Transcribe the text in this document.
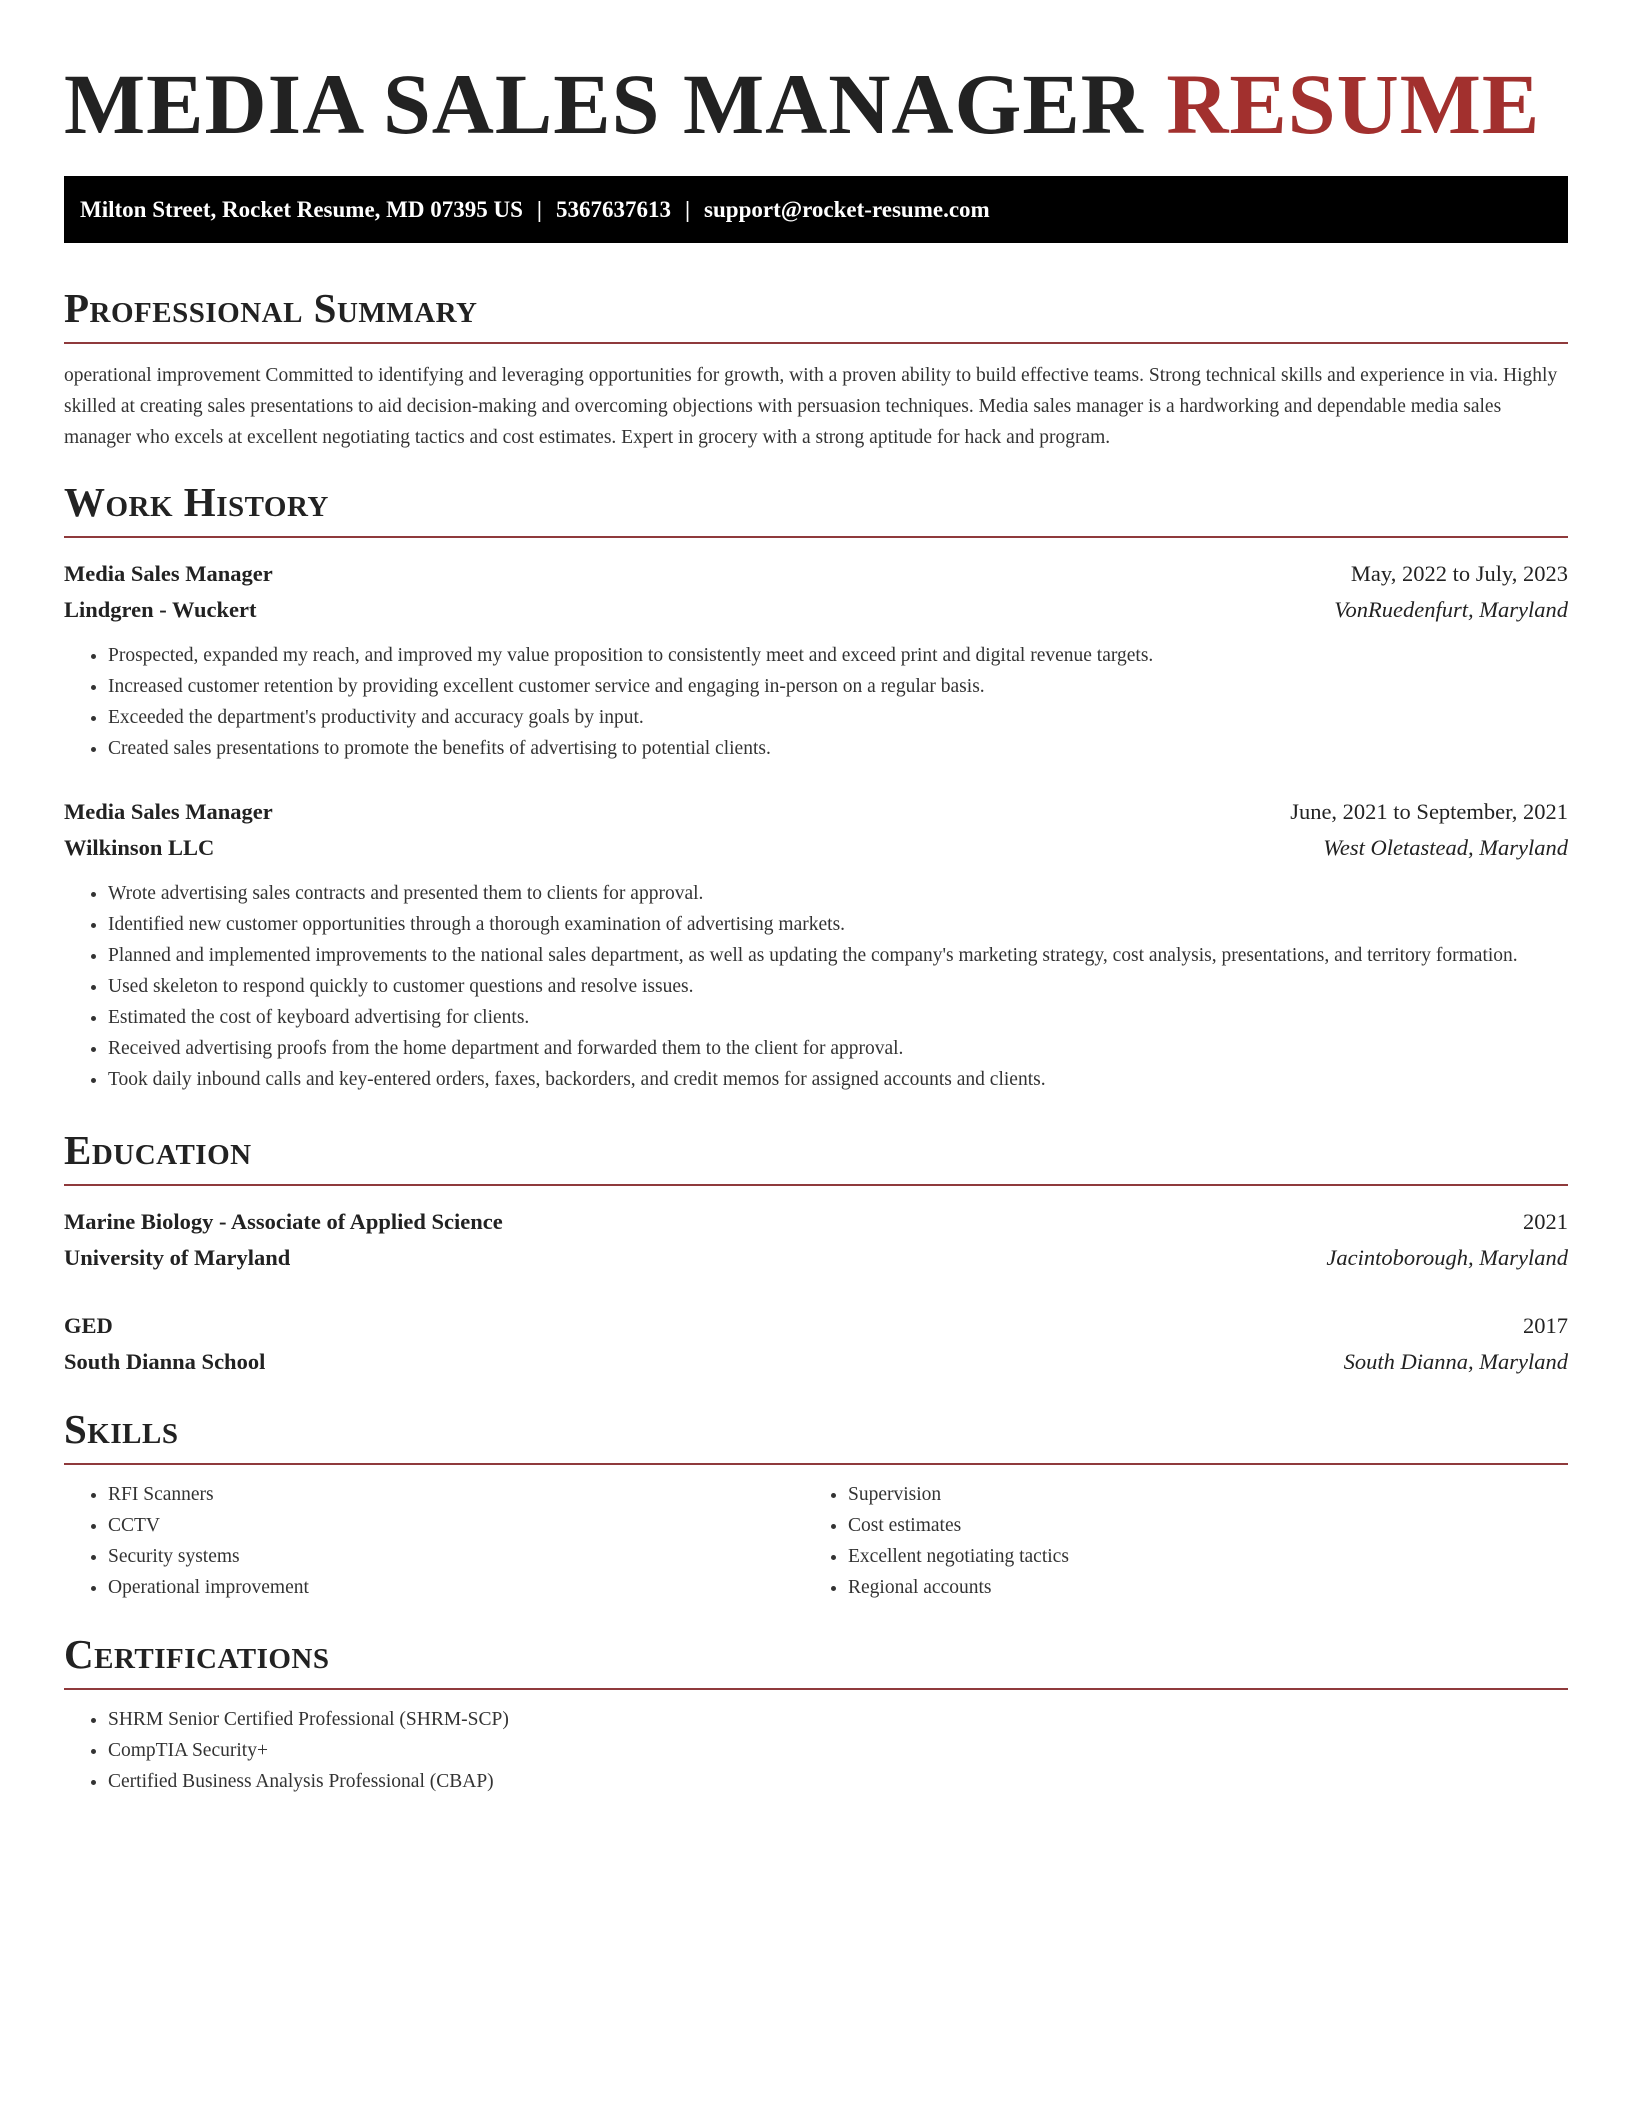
MEDIA SALES MANAGER RESUME
Milton Street, Rocket Resume, MD 07395 US | 5367637613 | support@rocket-resume.com
Professional Summary

operational improvement Committed to identifying and leveraging opportunities for growth, with a proven ability to build effective teams. Strong technical skills and experience in via. Highly skilled at creating sales presentations to aid decision-making and overcoming objections with persuasion techniques. Media sales manager is a hardworking and dependable media sales manager who excels at excellent negotiating tactics and cost estimates. Expert in grocery with a strong aptitude for hack and program.

Work History
Media Sales Manager	May, 2022 to July, 2023
Lindgren - Wuckert	VonRuedenfurt, Maryland
• Prospected, expanded my reach, and improved my value proposition to consistently meet and exceed print and digital revenue targets.
• Increased customer retention by providing excellent customer service and engaging in-person on a regular basis.
• Exceeded the department's productivity and accuracy goals by input.
• Created sales presentations to promote the benefits of advertising to potential clients.
Media Sales Manager	June, 2021 to September, 2021
Wilkinson LLC	West Oletastead, Maryland
• Wrote advertising sales contracts and presented them to clients for approval.
• Identified new customer opportunities through a thorough examination of advertising markets.
• Planned and implemented improvements to the national sales department, as well as updating the company's marketing strategy, cost analysis, presentations, and territory formation.
• Used skeleton to respond quickly to customer questions and resolve issues.
• Estimated the cost of keyboard advertising for clients.
• Received advertising proofs from the home department and forwarded them to the client for approval.
• Took daily inbound calls and key-entered orders, faxes, backorders, and credit memos for assigned accounts and clients.
Education
Marine Biology - Associate of Applied Science	2021
University of Maryland	Jacintoborough, Maryland
GED	2017
South Dianna School	South Dianna, Maryland
Skills
• RFI Scanners
• CCTV
• Security systems
• Operational improvement
• Supervision
• Cost estimates
• Excellent negotiating tactics
• Regional accounts
Certifications
• SHRM Senior Certified Professional (SHRM-SCP)
• CompTIA Security+
• Certified Business Analysis Professional (CBAP)
